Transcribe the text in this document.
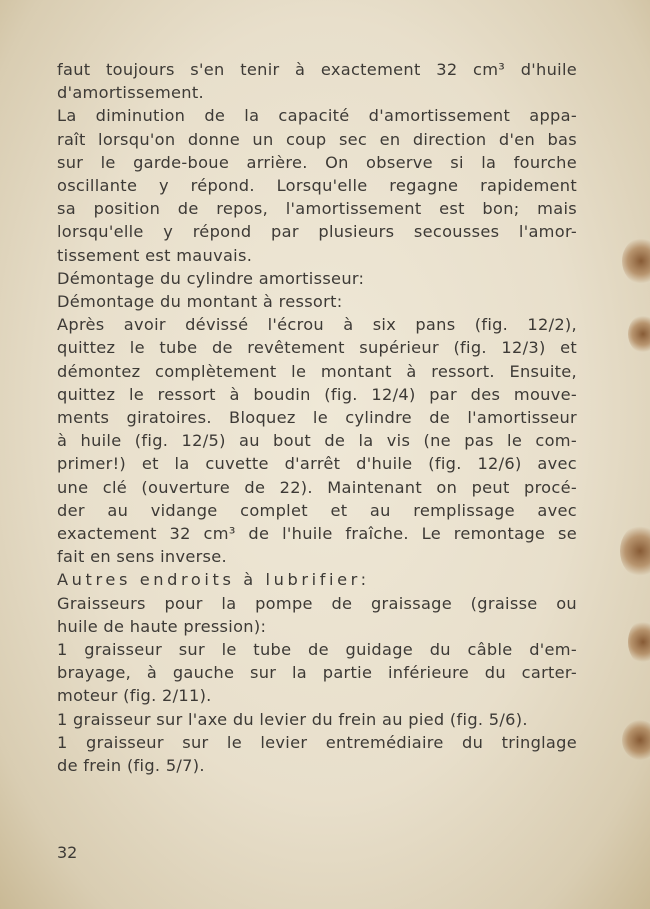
faut toujours s'en tenir à exactement 32 cm³ d'huile
d'amortissement.

La diminution de la capacité d'amortissement appa-
raît lorsqu'on donne un coup sec en direction d'en bas
sur le garde-boue arrière. On observe si la fourche
oscillante y répond. Lorsqu'elle regagne rapidement
sa position de repos, l'amortissement est bon; mais
lorsqu'elle y répond par plusieurs secousses l'amor-
tissement est mauvais.

Démontage du cylindre amortisseur:

Démontage du montant à ressort:

Après avoir dévissé l'écrou à six pans (fig. 12/2),
quittez le tube de revêtement supérieur (fig. 12/3) et
démontez complètement le montant à ressort. Ensuite,
quittez le ressort à boudin (fig. 12/4) par des mouve-
ments giratoires. Bloquez le cylindre de l'amortisseur
à huile (fig. 12/5) au bout de la vis (ne pas le com-
primer!) et la cuvette d'arrêt d'huile (fig. 12/6) avec
une clé (ouverture de 22). Maintenant on peut procé-
der au vidange complet et au remplissage avec
exactement 32 cm³ de l'huile fraîche. Le remontage se
fait en sens inverse.

Autres endroits à lubrifier:

Graisseurs pour la pompe de graissage (graisse ou
huile de haute pression):

1 graisseur sur le tube de guidage du câble d'em-
brayage, à gauche sur la partie inférieure du carter-
moteur (fig. 2/11).

1 graisseur sur l'axe du levier du frein au pied (fig. 5/6).

1 graisseur sur le levier entremédiaire du tringlage
de frein (fig. 5/7).

32
